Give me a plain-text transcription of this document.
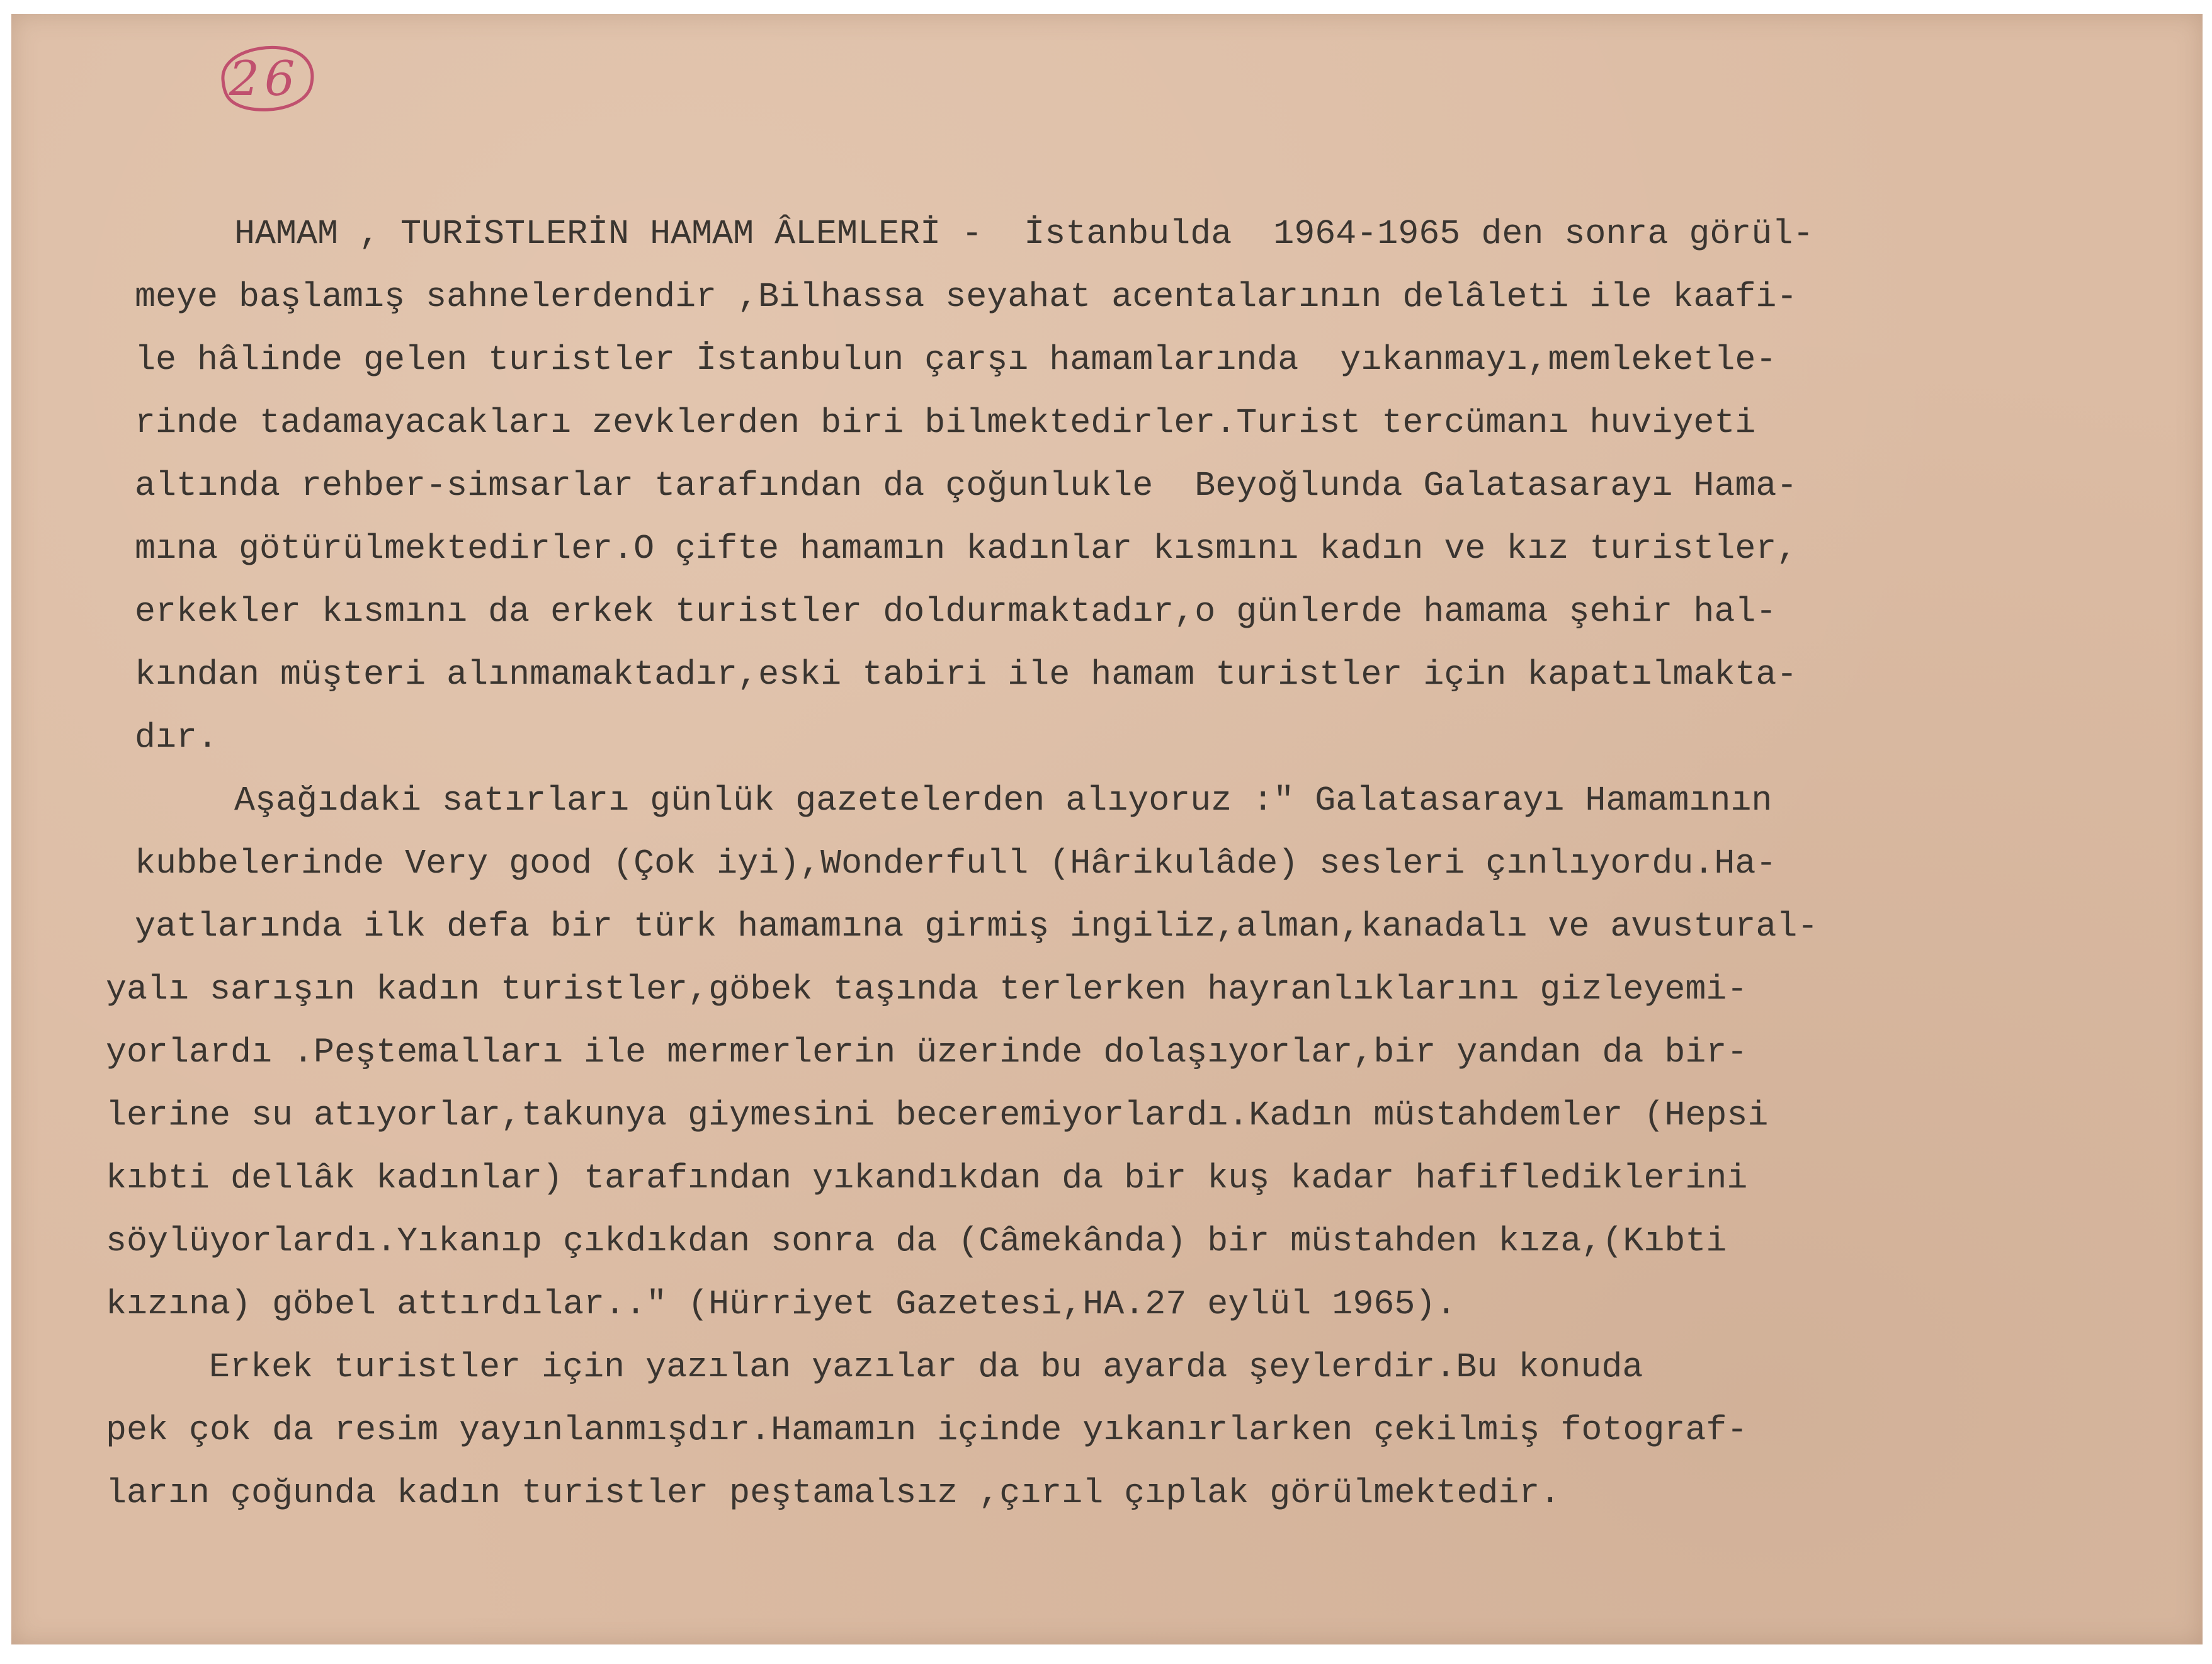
26

HAMAM , TURİSTLERİN HAMAM ÂLEMLERİ -  İstanbulda  1964-1965 den sonra görül-

meye başlamış sahnelerdendir ,Bilhassa seyahat acentalarının delâleti ile kaafi-

le hâlinde gelen turistler İstanbulun çarşı hamamlarında  yıkanmayı,memleketle-

rinde tadamayacakları zevklerden biri bilmektedirler.Turist tercümanı huviyeti

altında rehber-simsarlar tarafından da çoğunlukle  Beyoğlunda Galatasarayı Hama-

mına götürülmektedirler.O çifte hamamın kadınlar kısmını kadın ve kız turistler,

erkekler kısmını da erkek turistler doldurmaktadır,o günlerde hamama şehir hal-

kından müşteri alınmamaktadır,eski tabiri ile hamam turistler için kapatılmakta-

dır.

Aşağıdaki satırları günlük gazetelerden alıyoruz :" Galatasarayı Hamamının

kubbelerinde Very good (Çok iyi),Wonderfull (Hârikulâde) sesleri çınlıyordu.Ha-

yatlarında ilk defa bir türk hamamına girmiş ingiliz,alman,kanadalı ve avustural-

yalı sarışın kadın turistler,göbek taşında terlerken hayranlıklarını gizleyemi-

yorlardı .Peştemalları ile mermerlerin üzerinde dolaşıyorlar,bir yandan da bir-

lerine su atıyorlar,takunya giymesini beceremiyorlardı.Kadın müstahdemler (Hepsi

kıbti dellâk kadınlar) tarafından yıkandıkdan da bir kuş kadar hafiflediklerini

söylüyorlardı.Yıkanıp çıkdıkdan sonra da (Câmekânda) bir müstahden kıza,(Kıbti

kızına) göbel attırdılar.." (Hürriyet Gazetesi,HA.27 eylül 1965).

Erkek turistler için yazılan yazılar da bu ayarda şeylerdir.Bu konuda

pek çok da resim yayınlanmışdır.Hamamın içinde yıkanırlarken çekilmiş fotograf-

ların çoğunda kadın turistler peştamalsız ,çırıl çıplak görülmektedir.
